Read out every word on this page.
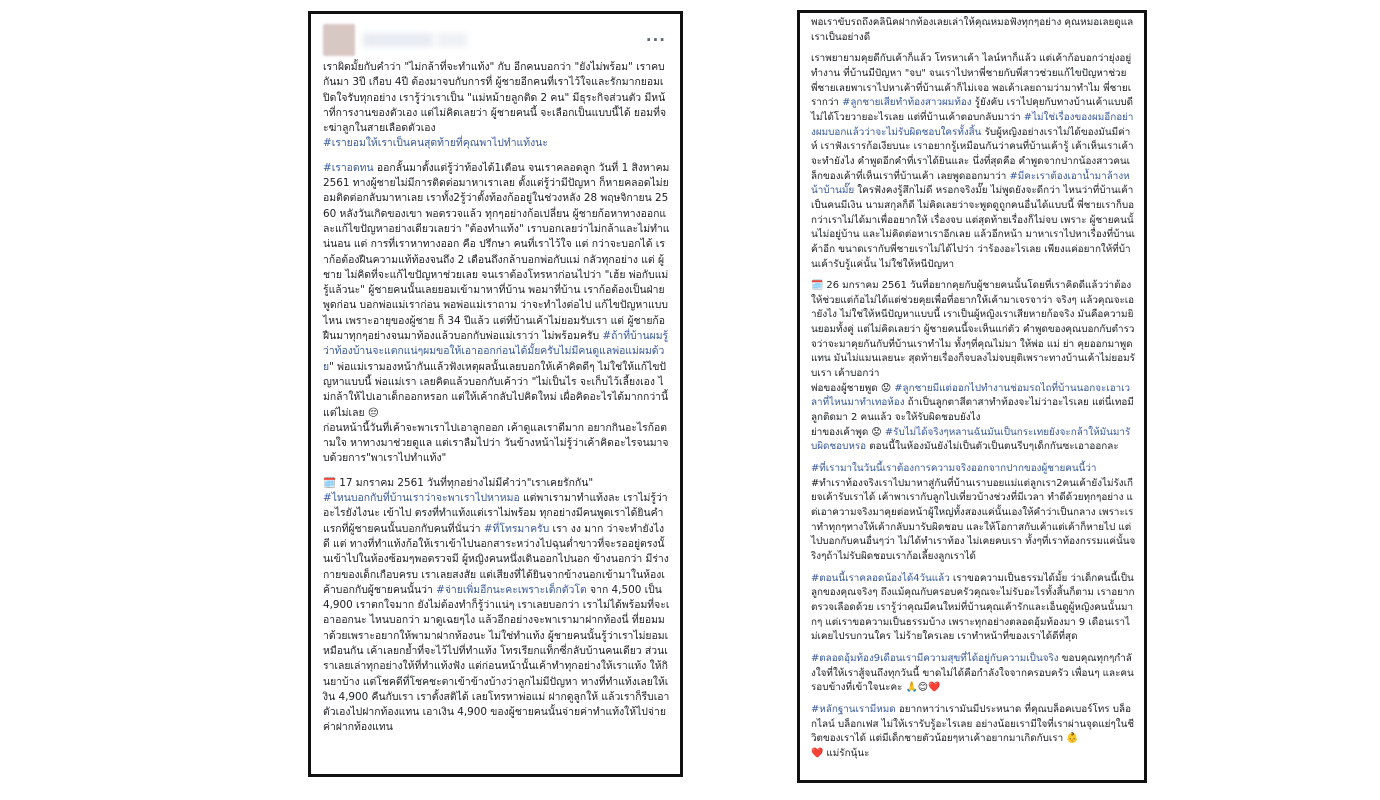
···

เราผิดมั้ยกับคำว่า "ไม่กล้าที่จะทำแท้ง" กับ อีกคนบอกว่า "ยังไม่พร้อม" เราคบกันมา 3ปี เกือบ 4ปี ต้องมาจบกับการที่ ผู้ชายอีกคนที่เราไว้ใจและรักมากยอมเปิดใจรับทุกอย่าง เรารู้ว่าเราเป็น "แม่หม้ายลูกติด 2 คน" มีธุระกิจส่วนตัว มีหน้าที่การงานของตัวเอง แต่ไม่คิดเลยว่า ผู้ชายคนนี้ จะเลือกเป็นแบบนี้ได้ ยอมที่จะฆ่าลูกในสายเลือดตัวเอง
#เรายอมให้เราเป็นคนสุดท้ายที่คุณพาไปทำแท้งนะ

#เราอดทน ออกลั้นมาตั้งแต่รู้ว่าท้องได้1เดือน จนเราคลอดลูก วันที่ 1 สิงหาคม 2561 ทางผู้ชายไม่มีการติดต่อมาหาเราเลย ตั้งแต่รู้ว่ามีปัญหา ก็หายคลอดไม่ยอมติดต่อกลับมาหาเลย เราทั้ง2รู้ว่าตั้งท้องก้ออยู่ในช่วงหลัง 28 พฤษจิกายน 2560 หลังวันเกิดของเขา พอตรวจแล้ว ทุกๆอย่างก้อเปลี่ยน ผู้ชายก้อหาทางออกและแก้ไขปัญหาอย่างเดียวเลยว่า "ต้องทำแท้ง" เราบอกเลยว่าไม่กล้าและไม่ทำแน่นอน แต่ การที่เราหาทางออก คือ ปรึกษา คนที่เราไว้ใจ แต่ กว่าจะบอกได้ เราก้อต้องฝืนความแท้ท้องจนถึง 2 เดือนถึงกล้าบอกพ่อกับแม่ กลัวทุกอย่าง แต่ ผู้ชาย ไม่คิดที่จะแก้ไขปัญหาช่วยเลย จนเราต้องโทรหาก่อนไปว่า "เฮ้ย พ่อกับแม่รู้แล้วนะ" ผู้ชายคนนั้นเลยยอมเข้ามาหาที่บ้าน พอมาที่บ้าน เราก้อต้องเป็นฝ่ายพูดก่อน บอกพ่อแม่เราก่อน พอพ่อแม่เราถาม ว่าจะทำไงต่อไป แก้ไขปัญหาแบบไหน เพราะอายุของผู้ชาย ก็ 34 ปีแล้ว แต่ที่บ้านเค้าไม่ยอมรับเรา แต่ ผู้ชายก้อฝืนมาทุกๆอย่างจนมาท้องแล้วบอกกับพ่อแม่เราว่า ไม่พร้อมครับ #ถ้าที่บ้านผมรู้ว่าท้องบ้านจะแตกแน่ๆผมขอให้เอาออกก่อนได้มั้ยครับไม่มีคนดูแลพ่อแม่ผมด้วย" พ่อแม่เรามองหน้ากันแล้วฟังเหตุผลนั้นเลยบอกให้เค้าคิดดีๆ ไม่ใช่ให้แก้ไขปัญหาแบบนี้ พ่อแม่เรา เลยคิดแล้วบอกกับเค้าว่า "ไม่เป็นไร จะเก็บไว้เลี้ยงเอง ไม่กล้าให้ไปเอาเด็กออกหรอก แต่ให้เค้ากลับไปคิดใหม่ เผื่อคิดอะไรได้มากกว่านี้ แต่ไม่เลย 😔
ก่อนหน้านี้วันที่เค้าจะพาเราไปเอาลูกออก เค้าดูแลเราดีมาก อยากกินอะไรก้อตามใจ หาทางมาช่วยดูแล แต่เราลืมไปว่า วันข้างหน้าไม่รู้ว่าเค้าคิดอะไรจนมาจบด้วยการ"พาเราไปทำแท้ง"

🗓️ 17 มกราคม 2561 วันที่ทุกอย่างไม่มีคำว่า"เราเคยรักกัน"
#ไหนบอกกับที่บ้านเราว่าจะพาเราไปหาหมอ แต่พาเรามาทำแท้งละ เราไม่รู้ว่าอะไรยังไงนะ เข้าไป ตรงที่ทำแท้งแต่เราไม่พร้อม ทุกอย่างมีคนพูดเราได้ยินคำแรกที่ผู้ชายคนนั้นบอกกับคนที่นั่นว่า #ที่โทรมาครับ เรา งง มาก ว่าจะทำยังไงดี แต่ ทางที่ทำแท้งก้อให้เราเข้าไปนอกสาระหว่างไปฉุนต่ำขาวที่จะรออยู่ตรงนั้นเข้าไปในห้องซ้อมๆพอตรวจมี ผู้หญิงคนหนึ่งเดินออกไปนอก ข้างนอกว่า มีร่างกายของเด็กเกือบครบ เราเลยสงสัย แต่เสียงที่ได้ยินจากข้างนอกเข้ามาในห้องเค้าบอกกับผู้ชายคนนั้นว่า #จ่ายเพิ่มอีกนะคะเพราะเด็กตัวโต จาก 4,500 เป็น 4,900 เราตกใจมาก ยังไม่ต้องทำก็รู้ว่าแน่ๆ เราเลยบอกว่า เราไม่ได้พร้อมที่จะเอาออกนะ ไหนบอกว่า มาดูเฉยๆไง แล้วอีกอย่างจะพาเรามาฝากท้องนี่ ที่ยอมมาด้วยเพราะอยากให้พามาฝากท้องนะ ไม่ใช่ทำแท้ง ผู้ชายคนนั้นรู้ว่าเราไม่ยอมเหมือนกัน เค้าเลยกย้ำที่จะไว้ไปที่ทำแท้ง โทรเรียกแท็กซี่กลับบ้านคนเดียว ส่วนเราเลยเล่าทุกอย่างให้ที่ทำแท้งฟัง แต่ก่อนหน้านั้นเค้าทำทุกอย่างให้เราแท้ง ให้กินยาบ้าง แต่โชคดีที่โชคชะตาเข้าข้างบ้างว่าลูกไม่มีปัญหา ทางที่ทำแท้งเลยให้เงิน 4,900 คืนกับเรา เราตั้งสติได้ เลยโทรหาพ่อแม่ ฝากดูลูกให้ แล้วเราก็รีบเอาตัวเองไปฝากท้องแทน เอาเงิน 4,900 ของผู้ชายคนนั้นจ่ายค่าทำแท้งให้ไปจ่ายค่าฝากท้องแทน

พอเราขับรถถึงคลินิคฝากท้องเลยเล่าให้คุณหมอฟังทุกๆอย่าง คุณหมอเลยดูแลเราเป็นอย่างดี

เราพยายามคุยดีกับเค้าก็แล้ว โทรหาเค้า ไลน์หาก็แล้ว แต่เค้าก้อบอกว่ายุ่งอยู่ ทำงาน ที่บ้านมีปัญหา "จบ" จนเราไปหาพี่ชายกับพี่สาวช่วยแก้ไขปัญหาช่วย พี่ชายเลยพาเราไปหาเค้าที่บ้านเค้าก็ไม่เจอ พอเค้าเลยถามว่ามาทำไม พี่ชายเรากว่า #ลูกชายเสียทำท้องสาวผมท้อง รู้ยังคับ เราไปคุยกับทางบ้านเค้าแบบดี ไม่ได้โวยวายอะไรเลย แต่ที่บ้านเค้าตอบกลับมาว่า #ไม่ใช่เรื่องของผมอีกอย่างผมบอกแล้วว่าจะไม่รับผิดชอบใครทั้งสิ้น รับผู้หญิงอย่างเราไม่ได้ของมันมีค่าห์ เราฟังเรารก้อเงียบนะ เราอยากรู้เหมือนกันว่าคนที่บ้านเค้ารู้ เค้าเห็นเราเค้าจะทำยังไง คำพูดอีกคำที่เราได้ยินและ นึ่งที่สุดคือ คำพูดจากปากน้องสาวคนเล็กของเค้าที่เห็นเราที่บ้านเค้า เลยพูดออกมาว่า #มีคะเราต้องเอาน้ำมาล้างหน้าบ้านมั๊ย ใครฟังคงรู้สึกไม่ดี หรอกจริงมั๊ย ไม่พูดยังจะดีกว่า ไหนว่าที่บ้านเค้าเป็นคนมีเงิน นามสกุลก็ดี ไม่คิดเลยว่าจะพูดดูถูกคนอื่นได้แบบนี้ พี่ชายเราก็บอกว่าเราไม่ได้มาเพื่ออยากให้ เรื่องจบ แต่สุดท้ายเรื่องก็ไม่จบ เพราะ ผู้ชายคนนั้นไม่อยู่บ้าน และไม่คิดต่อหาเราอีกเลย แล้วอีกหน้า มาหาเราไปหาเรื่องที่บ้านเค้าอีก ขนาดเรากับพี่ชายเราไม่ได้ไปว่า ว่าร้องอะไรเลย เพียงแค่อยากให้ที่บ้านเค้ารับรู้แค่นั้น ไม่ใช่ให้หนีปัญหา

🗓️ 26 มกราคม 2561 วันที่อยากคุยกับผู้ชายคนนั้นโดยที่เราคิดดีแล้วว่าต้องให้ช่วยแต่ก้อไม่ได้แต่ช่วยคุยเพื่อที่อยากให้เค้ามาเจรจาว่า จริงๆ แล้วคุณจะเอายังไง ไม่ใช่ให้หนีปัญหาแบบนี้ เราเป็นผู้หญิงเราเสียหายก้อจริง มันคือความยินยอมทั้งคู่ แต่ไม่คิดเลยว่า ผู้ชายคนนี้จะเห็นแก่ตัว คำพูดของคุณบอกกับตำรวจว่าจะมาคุยกันกับที่บ้านเราทำไม ทั้งๆที่คุณไม่มา ให้พ่อ แม่ ย่า คุยออกมาพูดแทน มันไม่แมนเลยนะ สุดท้ายเรื่องก็จบลงไม่จบยุติเพราะทางบ้านเค้าไม่ยอมรับเรา เค้าบอกว่า
พ่อของผู้ชายพูด 😟 #ลูกชายมีแต่ออกไปทำงานช่อมรถไถที่บ้านนอกจะเอาเวลาที่ไหนมาทำเทอห้อง ถ้าเป็นลูกตาสีตาสาทำท้องจะไม่ว่าอะไรเลย แต่นี่เทอมีลูกติดมา 2 คนแล้ว จะให้รับผิดชอบยังไง
ย่าของเค้าพูด 😟 #รับไม่ได้จริงๆหลานฉันมันเป็นกระเทยยังจะกล้าให้มันมารับผิดชอบหรอ ตอนนี้ในห้องมันยังไม่เป็นตัวเป็นตนรีบๆเด็กกันซะเอาออกละ

#ที่เรามาในวันนี้เราต้องการความจริงออกจากปากของผู้ชายคนนี้ว่า
#ทำเราท้องจริงเราไปมาหาสู่กันที่บ้านเราบอยแม่แต่ลูกเรา2คนเค้ายังไม่รังเกียจเค้ารับเราได้ เค้าพาเรากับลูกไปเที่ยวบ้างช่วงที่มีเวลา ทำดีด้วยทุกๆอย่าง แต่เอาความจริงมาคุยต่อหน้าผู้ใหญ่ทั้งสองแค่นั้นเองให้คำว่าเป็นกลาง เพราะเราทำทุกๆทางให้เค้ากลับมารับผิดชอบ และให้โอกาสกับเค้าแต่เค้าก็หายไป แต่ไปบอกกับคนอื่นๆว่า ไม่ได้ทำเราท้อง ไม่เคยคบเรา ทั้งๆที่เราท้องกรรมแค่นั้นจริงๆถ้าไม่รับผิดชอบเราก้อเลี้ยงลูกเราได้

#ตอนนี้เราคลอดน้องได้4วันแล้ว เราขอความเป็นธรรมได้มั้ย ว่าเด็กคนนี้เป็นลูกของคุณจริงๆ ถึงแม้คุณกับครอบครัวคุณจะไม่รับอะไรทั้งสิ้นก็ตาม เราอยากตรวจเลือดด้วย เรารู้ว่าคุณมีคนใหม่ที่บ้านคุณเค้ารักและเอ็นดูผู้หญิงคนนั้นมากๆ แต่เราขอความเป็นธรรมบ้าง เพราะทุกอย่างตลอดอุ้มท้องมา 9 เดือนเราไม่เคยไปรบกวนใคร ไม่ร้ายใครเลย เราทำหน้าที่ของเราได้ดีที่สุด

#ตลอดอุ้มท้อง9เดือนเรามีความสุขที่ได้อยู่กับความเป็นจริง ขอบคุณทุกๆกำลังใจที่ให้เราสู้จนถึงทุกวันนี้ ขาดไม่ได้คือกำลังใจจากครอบครัว เพื่อนๆ และคนรอบข้างที่เข้าใจนะคะ 🙏😊❤️

#หลักฐานเรามีหมด อยากหาว่าเรามันมีประหนาด ที่คุณบล็อคเบอร์โทร บล็อกไลน์ บล็อกเฟส ไม่ให้เรารับรู้อะไรเลย อย่างน้อยเรามีใจที่เราผ่านจุดแย่ๆในชีวิตของเราได้ แต่มีเด็กชายตัวน้อยๆหาเค้าอยากมาเกิดกับเรา 👶
❤️ แม่รักนุ้นะ
